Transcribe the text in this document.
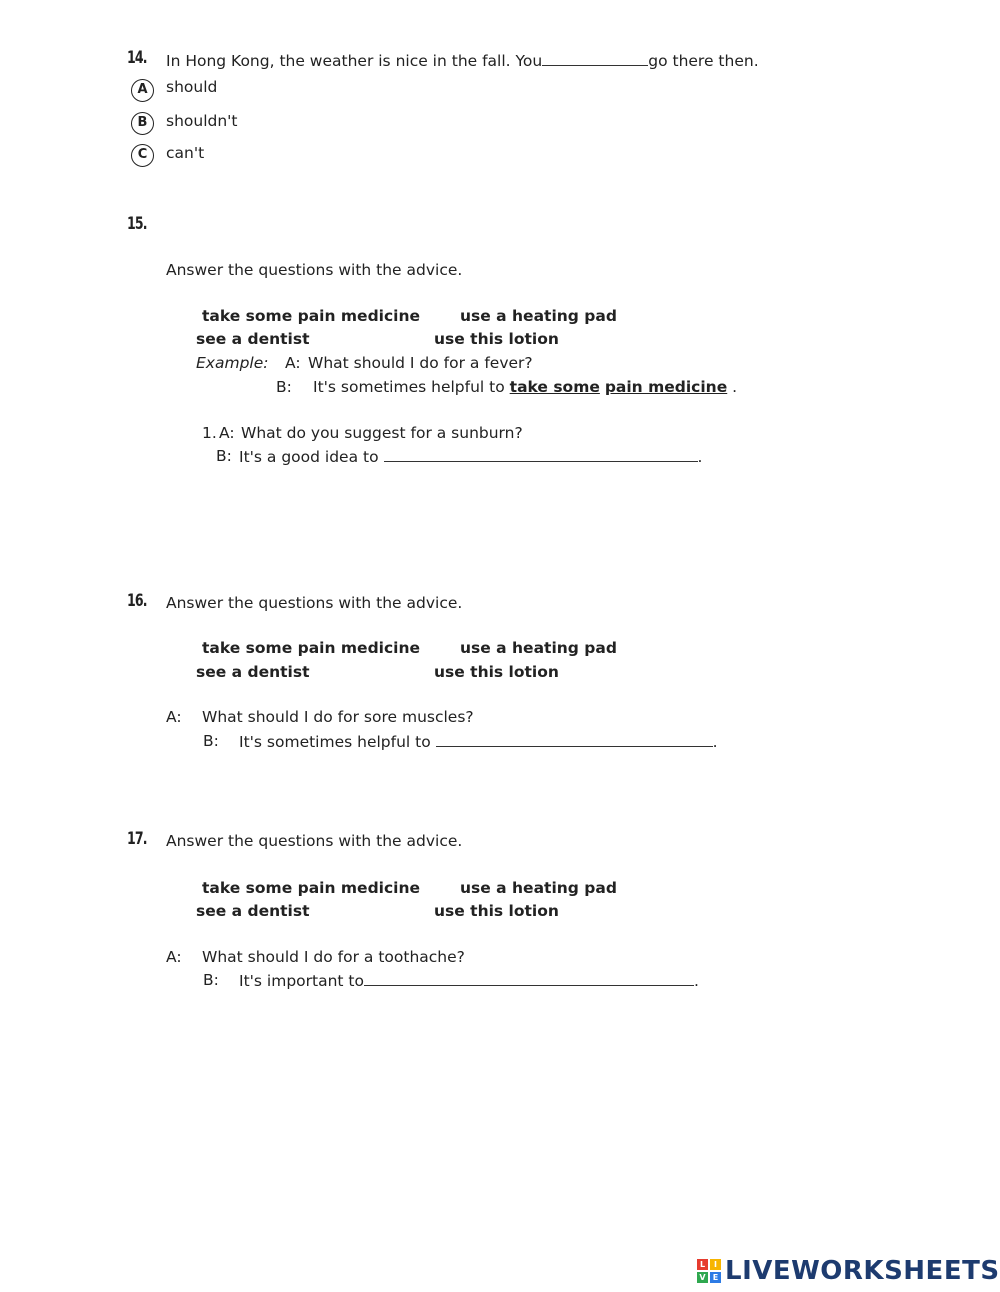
14. In Hong Kong, the weather is nice in the fall. You	go there then.
A	should
B	shouldn't
C	can't
15.
Answer the questions with the advice.
take some pain medicine	use a heating pad
see a dentist	use this lotion
Example: A: What should I do for a fever?
B: It's sometimes helpful to take some pain medicine .
1. A: What do you suggest for a sunburn?
B: It's a good idea to	.
16. Answer the questions with the advice.
take some pain medicine	use a heating pad
see a dentist	use this lotion
A: What should I do for sore muscles?
B: It's sometimes helpful to	.
17. Answer the questions with the advice.
take some pain medicine	use a heating pad
see a dentist	use this lotion
A: What should I do for a toothache?
B: It's important to	.
L	I
V E LIVEWORKSHEETS
